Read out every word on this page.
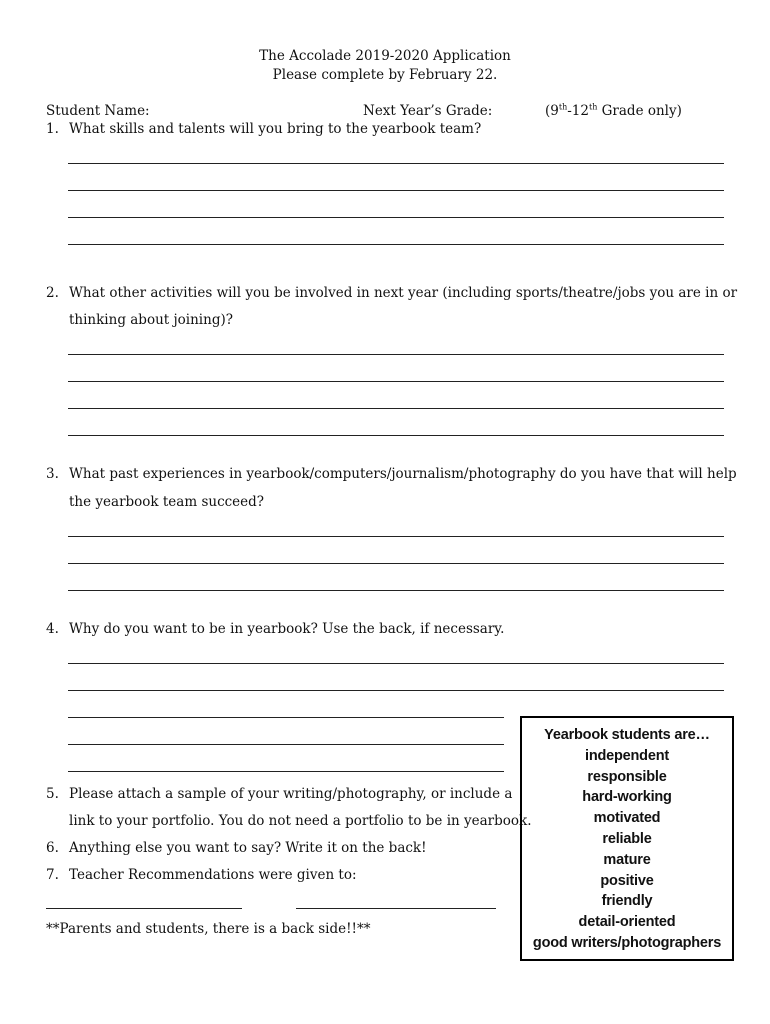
The Accolade 2019-2020 Application
Please complete by February 22.
Student Name:	Next Year’s Grade:	(9th-12th Grade only)
1. What skills and talents will you bring to the yearbook team?
2. What other activities will you be involved in next year (including sports/theatre/jobs you are in or
thinking about joining)?
3. What past experiences in yearbook/computers/journalism/photography do you have that will help
the yearbook team succeed?
4. Why do you want to be in yearbook? Use the back, if necessary.
5. Please attach a sample of your writing/photography, or include a
link to your portfolio. You do not need a portfolio to be in yearbook.
6. Anything else you want to say? Write it on the back!
7. Teacher Recommendations were given to:
**Parents and students, there is a back side!!**
Yearbook students are…
independent
responsible
hard-working
motivated
reliable
mature
positive
friendly
detail-oriented
good writers/photographers
